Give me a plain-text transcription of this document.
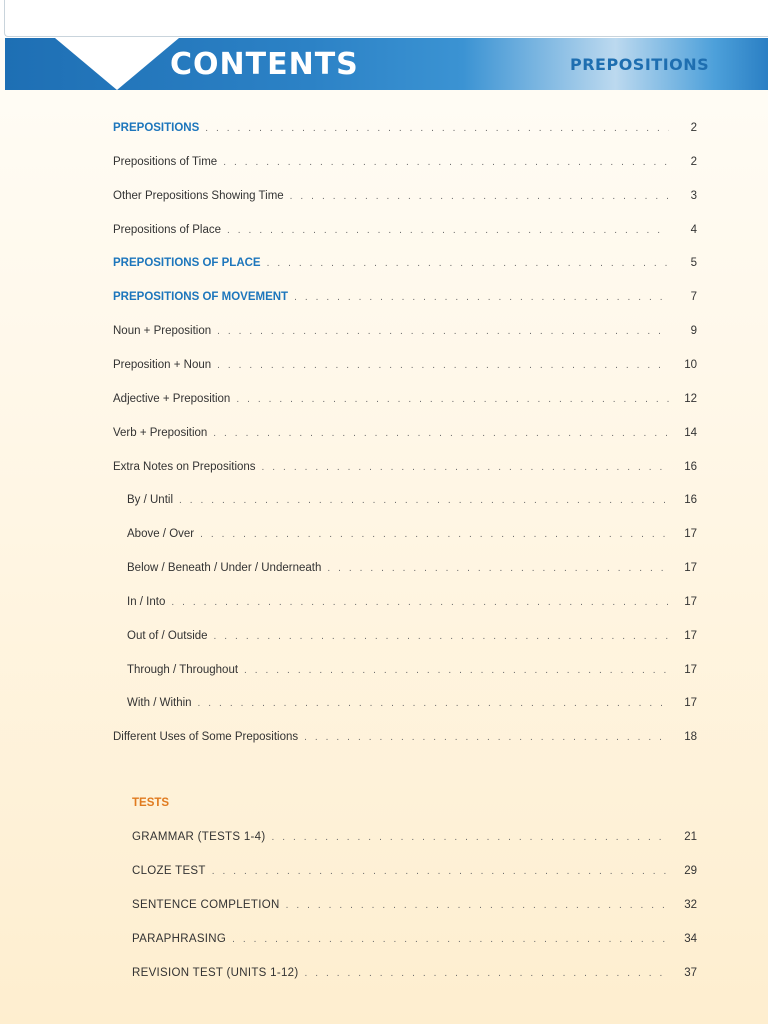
CONTENTS	PREPOSITIONS
PREPOSITIONS . . .	2
Prepositions of Time . . .	2
Other Prepositions Showing Time . . .	3
Prepositions of Place . . .	4
PREPOSITIONS OF PLACE . . .	5
PREPOSITIONS OF MOVEMENT . . .	7
Noun + Preposition . . .	9
Preposition + Noun . . .	10
Adjective + Preposition . . .	12
Verb + Preposition . . .	14
Extra Notes on Prepositions . . .	16
By / Until . . .	16
Above / Over . . .	17
Below / Beneath / Under / Underneath . . .	17
In / Into . . .	17
Out of / Outside . . .	17
Through / Throughout . . .	17
With / Within . . .	17
Different Uses of Some Prepositions . . .	18
TESTS
GRAMMAR (TESTS 1-4) . . .	21
CLOZE TEST . . .	29
SENTENCE COMPLETION . . .	32
PARAPHRASING . . .	34
REVISION TEST (UNITS 1-12) . . .	37
